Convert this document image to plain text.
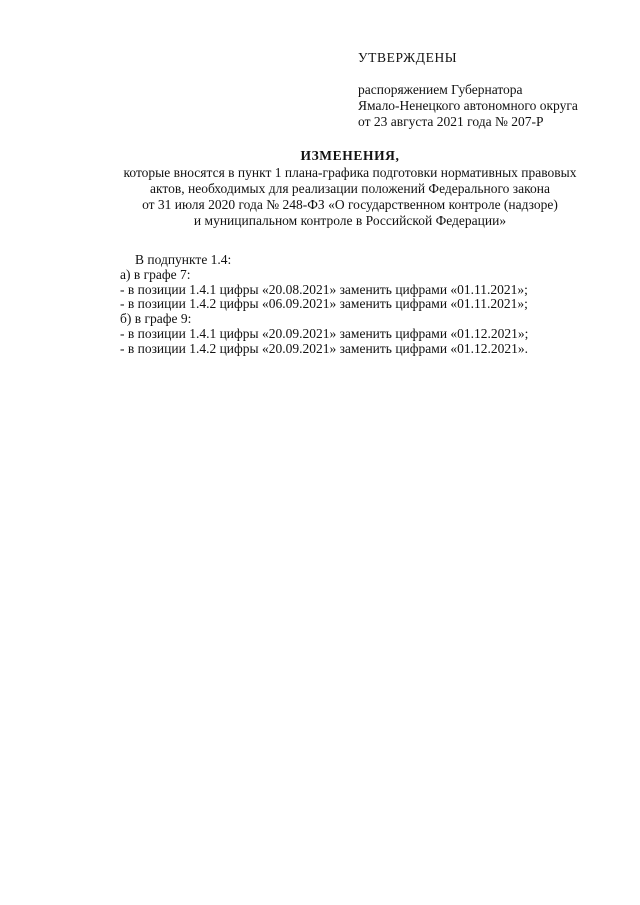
УТВЕРЖДЕНЫ
распоряжением Губернатора
Ямало-Ненецкого автономного округа
от 23 августа 2021 года № 207-Р
ИЗМЕНЕНИЯ,
которые вносятся в пункт 1 плана-графика подготовки нормативных правовых
актов, необходимых для реализации положений Федерального закона
от 31 июля 2020 года № 248-ФЗ «О государственном контроле (надзоре)
и муниципальном контроле в Российской Федерации»
В подпункте 1.4:
а) в графе 7:
- в позиции 1.4.1 цифры «20.08.2021» заменить цифрами «01.11.2021»;
- в позиции 1.4.2 цифры «06.09.2021» заменить цифрами «01.11.2021»;
б) в графе 9:
- в позиции 1.4.1 цифры «20.09.2021» заменить цифрами «01.12.2021»;
- в позиции 1.4.2 цифры «20.09.2021» заменить цифрами «01.12.2021».
